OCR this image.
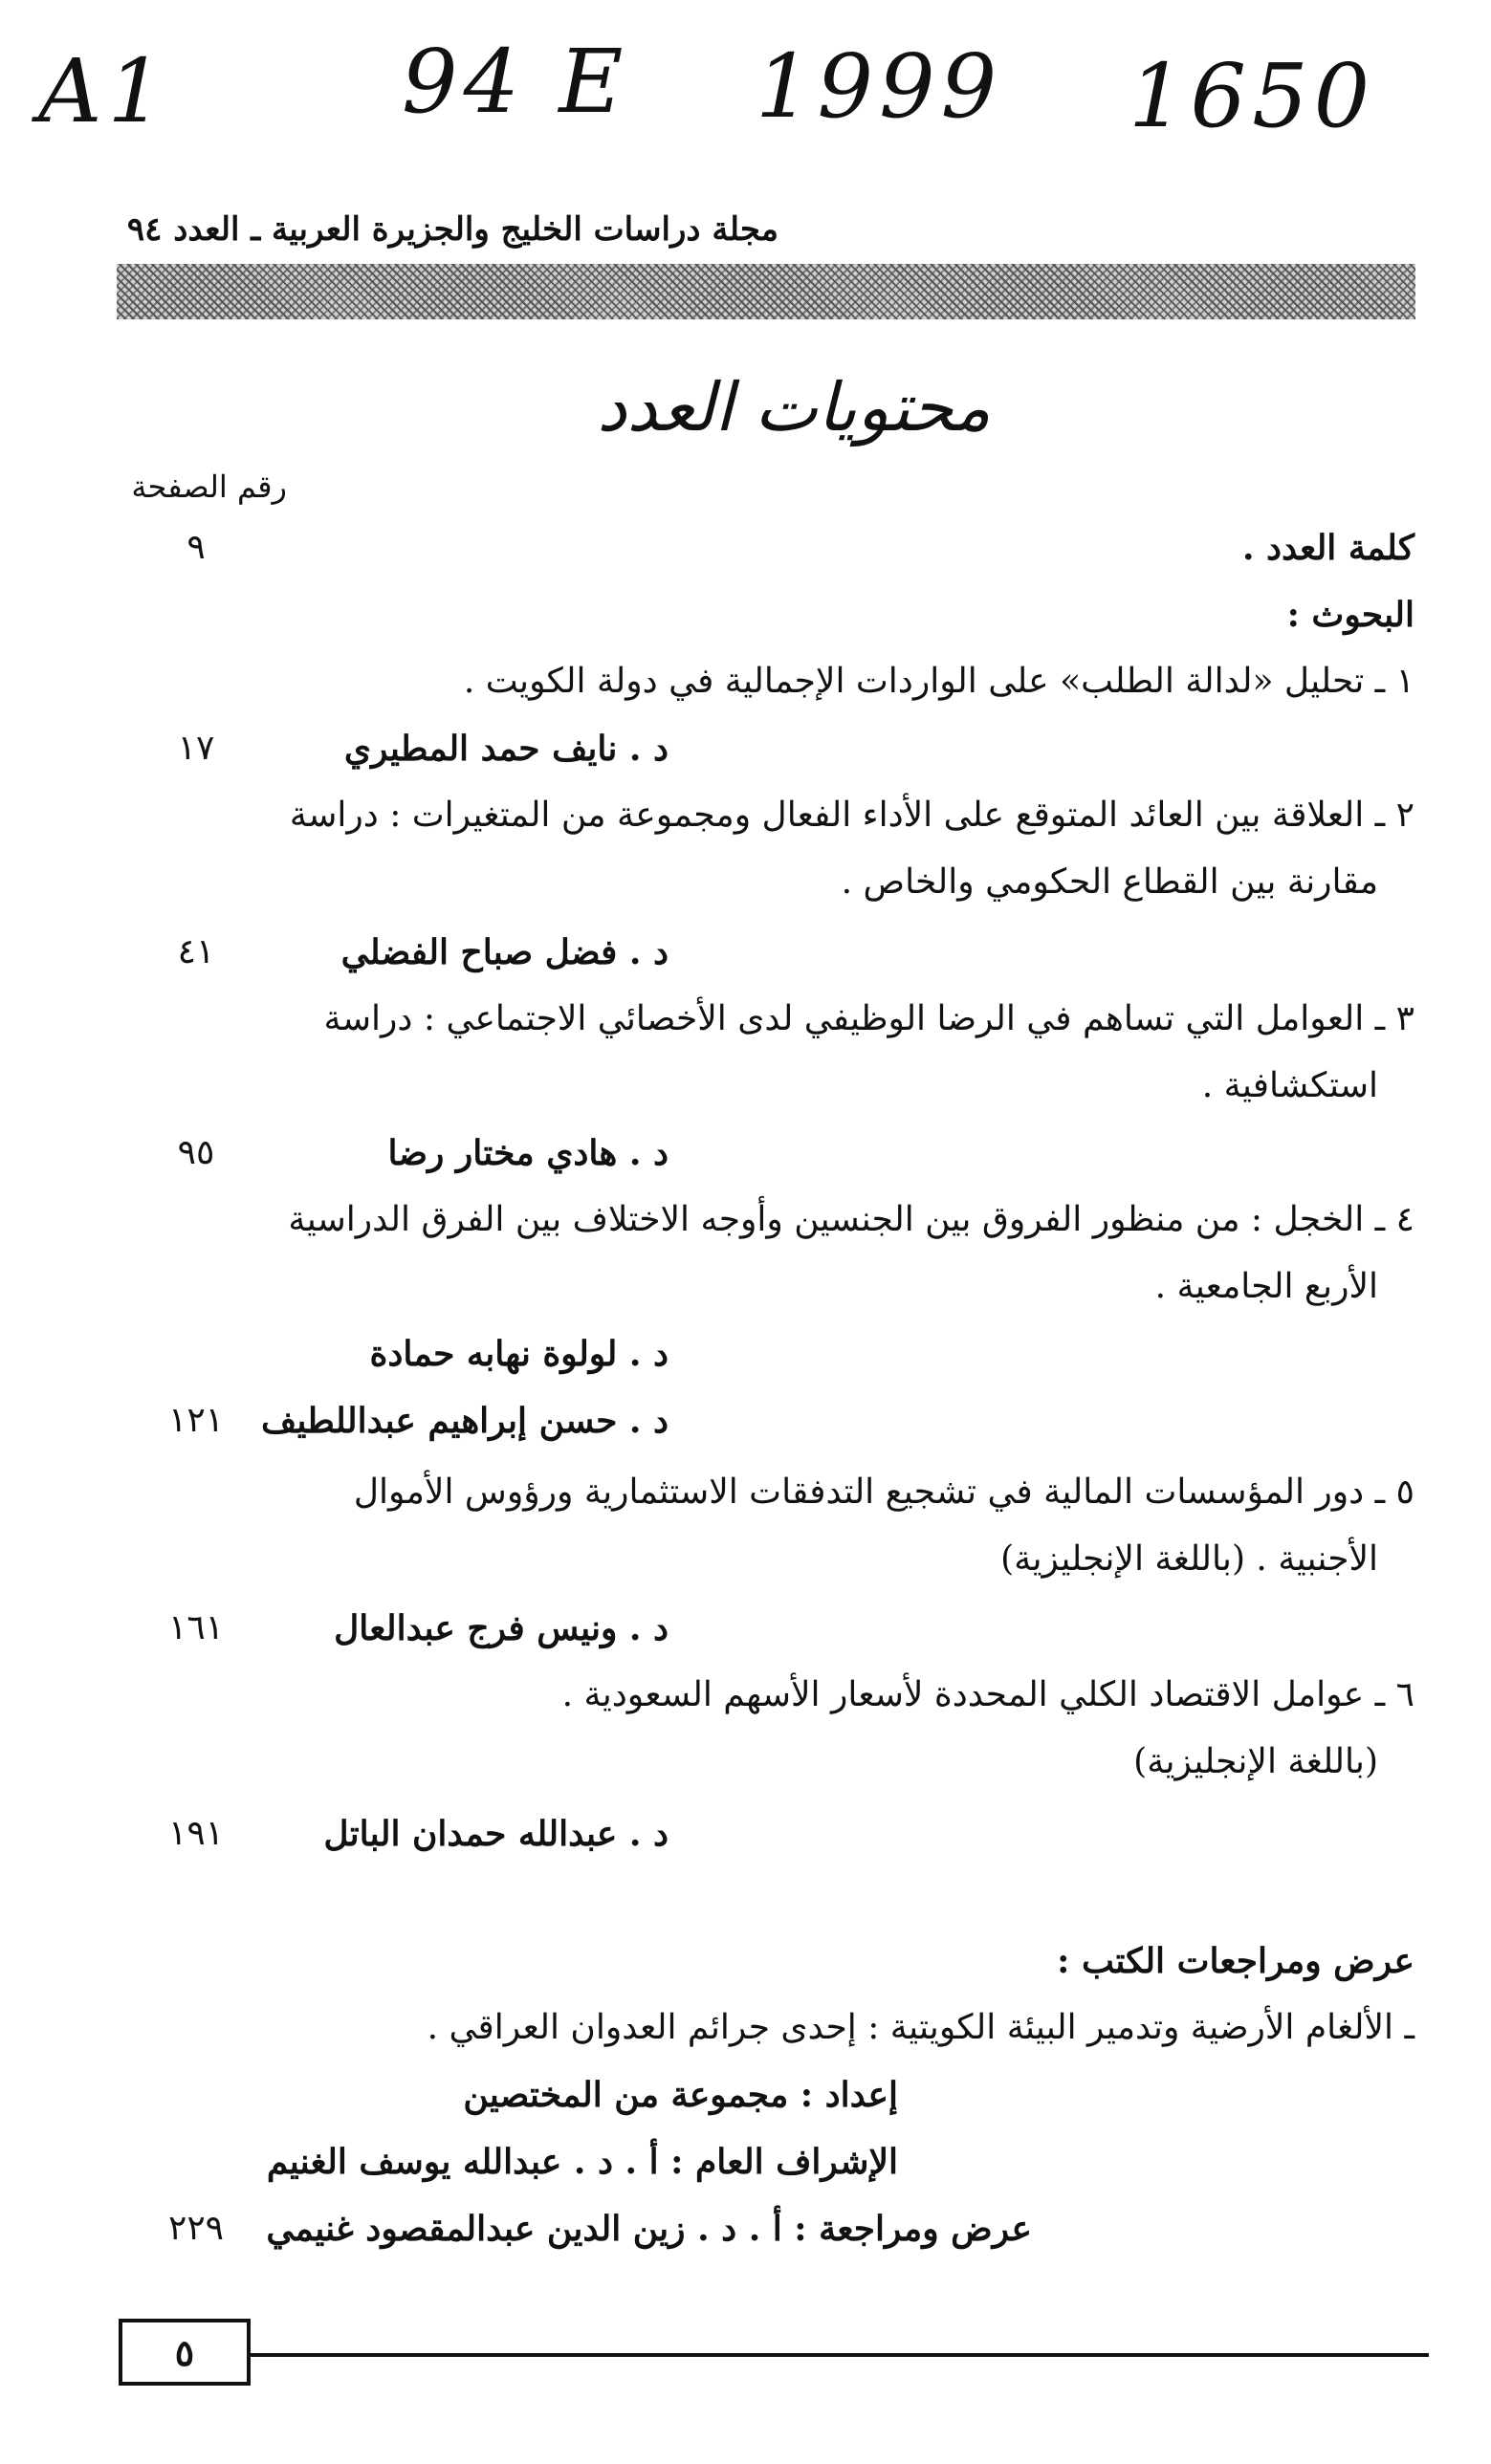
A1	94 E 1999 1650
مجلة دراسات الخليج والجزيرة العربية ـ العدد ٩٤
محتويات العدد
رقم الصفحة
كلمة العدد .
٩
البحوث :
١ ـ تحليل «لدالة الطلب» على الواردات الإجمالية في دولة الكويت .
د . نايف حمد المطيري
١٧
٢ ـ العلاقة بين العائد المتوقع على الأداء الفعال ومجموعة من المتغيرات : دراسة
مقارنة بين القطاع الحكومي والخاص .
د . فضل صباح الفضلي
٤١
٣ ـ العوامل التي تساهم في الرضا الوظيفي لدى الأخصائي الاجتماعي : دراسة
استكشافية .
د . هادي مختار رضا
٩٥
٤ ـ الخجل : من منظور الفروق بين الجنسين وأوجه الاختلاف بين الفرق الدراسية
الأربع الجامعية .
د . لولوة نهابه حمادة
د . حسن إبراهيم عبداللطيف
١٢١
٥ ـ دور المؤسسات المالية في تشجيع التدفقات الاستثمارية ورؤوس الأموال
الأجنبية . (باللغة الإنجليزية)
د . ونيس فرج عبدالعال
١٦١
٦ ـ عوامل الاقتصاد الكلي المحددة لأسعار الأسهم السعودية .
(باللغة الإنجليزية)
د . عبدالله حمدان الباتل
١٩١
عرض ومراجعات الكتب :
ـ الألغام الأرضية وتدمير البيئة الكويتية : إحدى جرائم العدوان العراقي .
إعداد : مجموعة من المختصين
الإشراف العام : أ . د . عبدالله يوسف الغنيم
عرض ومراجعة : أ . د . زين الدين عبدالمقصود غنيمي
٢٢٩
٥
